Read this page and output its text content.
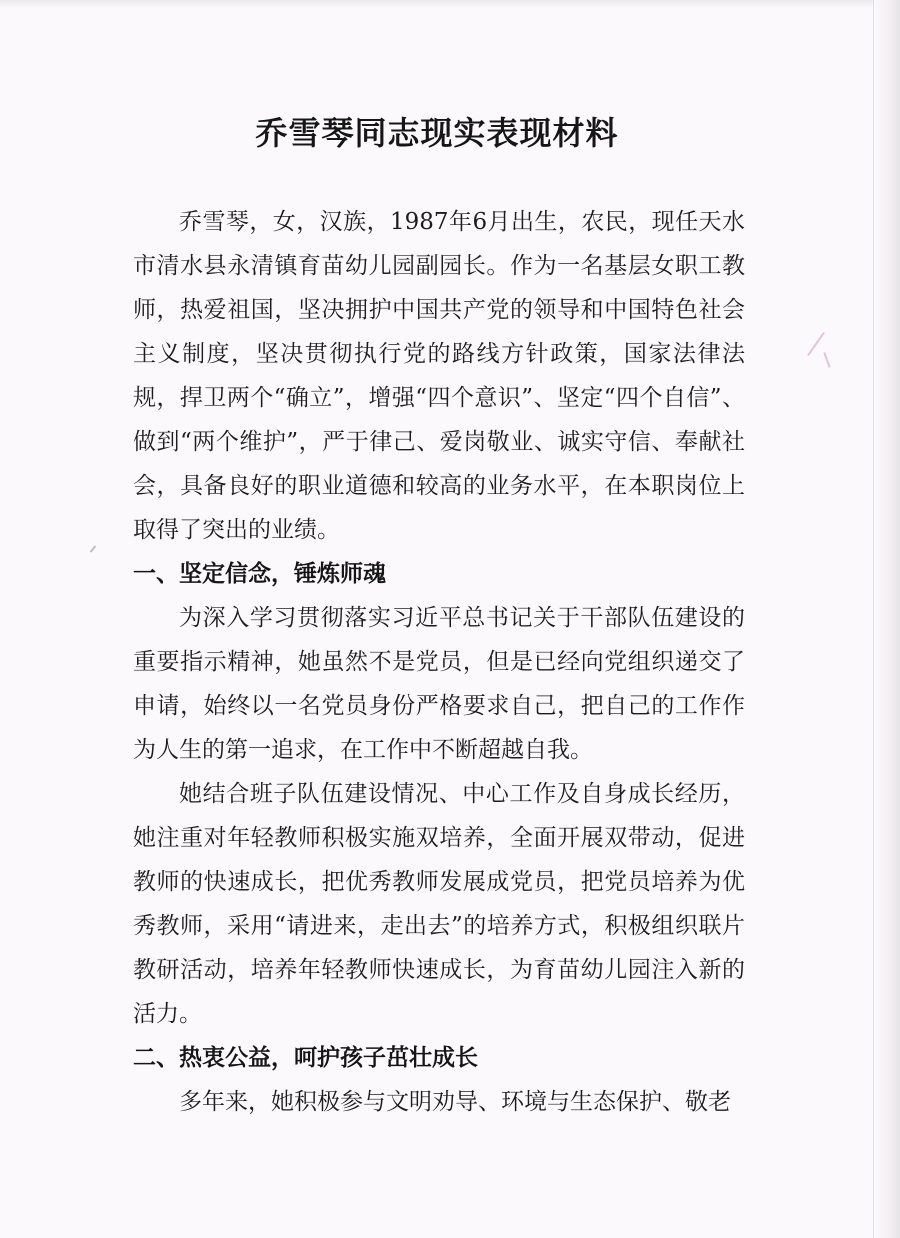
乔雪琴同志现实表现材料

乔雪琴，女，汉族，1987年6月出生，农民，现任天水市清水县永清镇育苗幼儿园副园长。作为一名基层女职工教师，热爱祖国，坚决拥护中国共产党的领导和中国特色社会主义制度，坚决贯彻执行党的路线方针政策，国家法律法规，捍卫两个“确立”，增强“四个意识”、坚定“四个自信”、做到“两个维护”，严于律己、爱岗敬业、诚实守信、奉献社会，具备良好的职业道德和较高的业务水平，在本职岗位上取得了突出的业绩。

一、坚定信念，锤炼师魂

为深入学习贯彻落实习近平总书记关于干部队伍建设的重要指示精神，她虽然不是党员，但是已经向党组织递交了申请，始终以一名党员身份严格要求自己，把自己的工作作为人生的第一追求，在工作中不断超越自我。

她结合班子队伍建设情况、中心工作及自身成长经历，她注重对年轻教师积极实施双培养，全面开展双带动，促进教师的快速成长，把优秀教师发展成党员，把党员培养为优秀教师，采用“请进来，走出去”的培养方式，积极组织联片教研活动，培养年轻教师快速成长，为育苗幼儿园注入新的活力。

二、热衷公益，呵护孩子茁壮成长

多年来，她积极参与文明劝导、环境与生态保护、敬老
